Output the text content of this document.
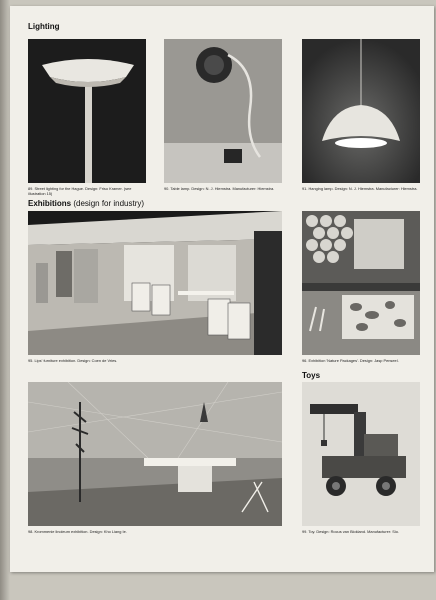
Lighting
89. Street lighting for the Hague. Design: Friso Kramer. (see illustration 15)
90. Table lamp. Design: N. J. Hiemstra. Manufacturer: Hiemstra.	91. Hanging lamp. Design: N. J. Hiemstra. Manufacturer: Hiemstra.
Exhibitions (design for industry)
95. Lips' furniture exhibition. Design: Coen de Vries.	96. Exhibition 'Nature Packages'. Design: Jasp Penseel.
98. Krommenie linoleum exhibition. Design: Kho Liang Ie.
Toys
99. Toy. Design: Rocus van Blokland. Manufacturer: Sio.
